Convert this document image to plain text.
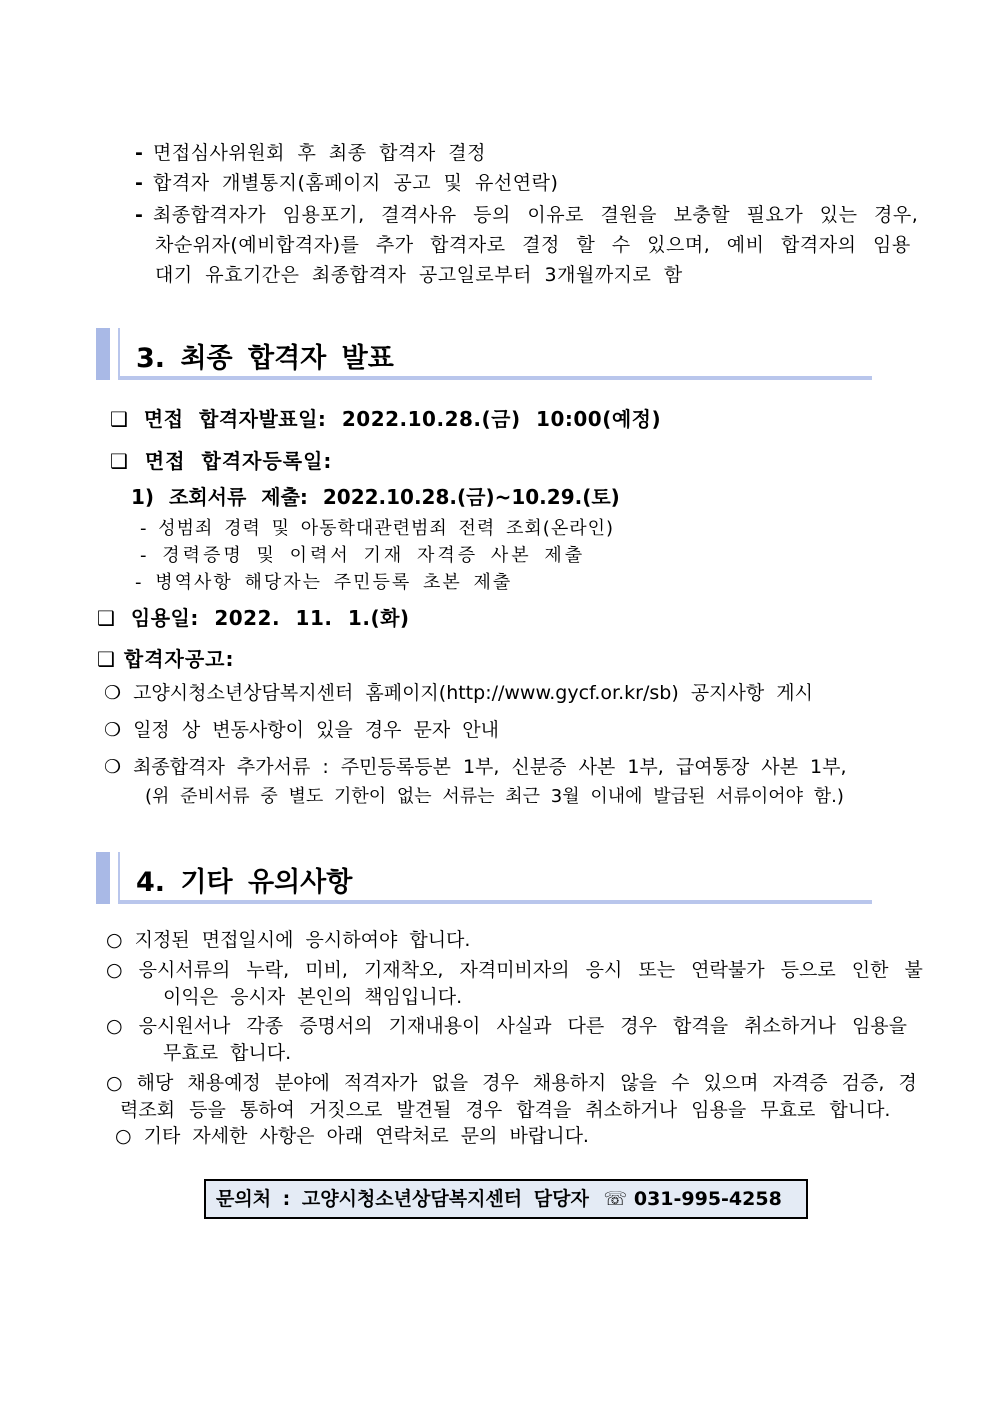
- 면접심사위원회 후 최종 합격자 결정
- 합격자 개별통지(홈페이지 공고 및 유선연락)
- 최종합격자가 임용포기, 결격사유 등의 이유로 결원을 보충할 필요가 있는 경우,
차순위자(예비합격자)를 추가 합격자로 결정 할 수 있으며, 예비 합격자의 임용
대기 유효기간은 최종합격자 공고일로부터 3개월까지로 함
3. 최종 합격자 발표
❑ 면접 합격자발표일: 2022.10.28.(금) 10:00(예정)
❑ 면접 합격자등록일:
1) 조회서류 제출: 2022.10.28.(금)~10.29.(토)
- 성범죄 경력 및 아동학대관련범죄 전력 조회(온라인)
- 경력증명 및 이력서 기재 자격증 사본 제출
- 병역사항 해당자는 주민등록 초본 제출
❑ 임용일: 2022. 11. 1.(화)
❑ 합격자공고:
❍ 고양시청소년상담복지센터 홈페이지(http://www.gycf.or.kr/sb) 공지사항 게시
❍ 일정 상 변동사항이 있을 경우 문자 안내
❍ 최종합격자 추가서류 : 주민등록등본 1부, 신분증 사본 1부, 급여통장 사본 1부,
(위 준비서류 중 별도 기한이 없는 서류는 최근 3월 이내에 발급된 서류이어야 함.)
4. 기타 유의사항
○ 지정된 면접일시에 응시하여야 합니다.
○ 응시서류의 누락, 미비, 기재착오, 자격미비자의 응시 또는 연락불가 등으로 인한 불
이익은 응시자 본인의 책임입니다.
○ 응시원서나 각종 증명서의 기재내용이 사실과 다른 경우 합격을 취소하거나 임용을
무효로 합니다.
○ 해당 채용예정 분야에 적격자가 없을 경우 채용하지 않을 수 있으며 자격증 검증, 경
력조회 등을 통하여 거짓으로 발견될 경우 합격을 취소하거나 임용을 무효로 합니다.
○ 기타 자세한 사항은 아래 연락처로 문의 바랍니다.
문의처 : 고양시청소년상담복지센터 담당자 ☏ 031-995-4258
